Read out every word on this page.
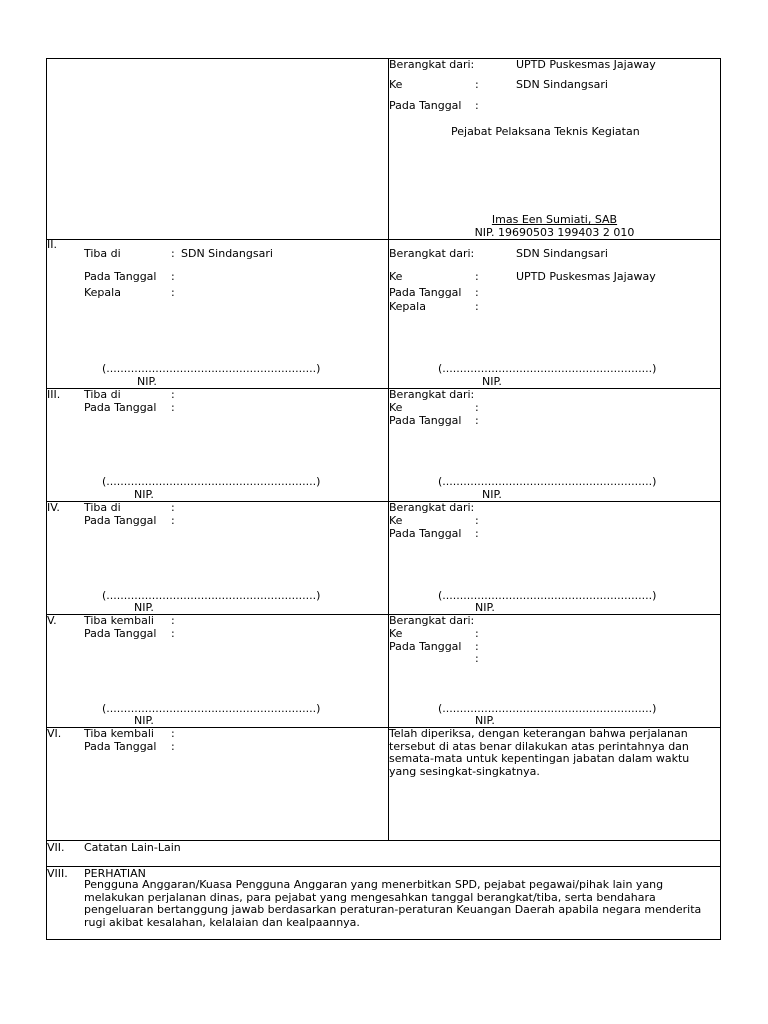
Berangkat dari:	UPTD Puskesmas Jajaway
Ke	:	SDN Sindangsari
Pada Tanggal :
Pejabat Pelaksana Teknis Kegiatan
Imas Een Sumiati, SAB
NIP. 19690503 199403 2 010
II.
Tiba di	: SDN Sindangsari
Pada Tanggal :
Kepala	:
(............................................................)
NIP.
Berangkat dari:	SDN Sindangsari
Ke	:	UPTD Puskesmas Jajaway
Pada Tanggal :
Kepala	:
(............................................................)
NIP.
III. Tiba di	:
Pada Tanggal :
(............................................................)
NIP.
Berangkat dari:
Ke	:
Pada Tanggal :
(............................................................)
NIP.
IV. Tiba di	:
Pada Tanggal :
(............................................................)
NIP.
Berangkat dari:
Ke	:
Pada Tanggal :
(............................................................)
NIP.
V. Tiba kembali :
Pada Tanggal :
(............................................................)
NIP.
Berangkat dari:
Ke	:
Pada Tanggal :
:
(............................................................)
NIP.
VI. Tiba kembali :
Pada Tanggal :
Telah diperiksa, dengan keterangan bahwa perjalanan tersebut di atas benar dilakukan atas perintahnya dan semata-mata untuk kepentingan jabatan dalam waktu yang sesingkat-singkatnya.
VII. Catatan Lain-Lain
VIII. PERHATIAN
Pengguna Anggaran/Kuasa Pengguna Anggaran yang menerbitkan SPD, pejabat pegawai/pihak lain yang melakukan perjalanan dinas, para pejabat yang mengesahkan tanggal berangkat/tiba, serta bendahara pengeluaran bertanggung jawab berdasarkan peraturan-peraturan Keuangan Daerah apabila negara menderita rugi akibat kesalahan, kelalaian dan kealpaannya.
